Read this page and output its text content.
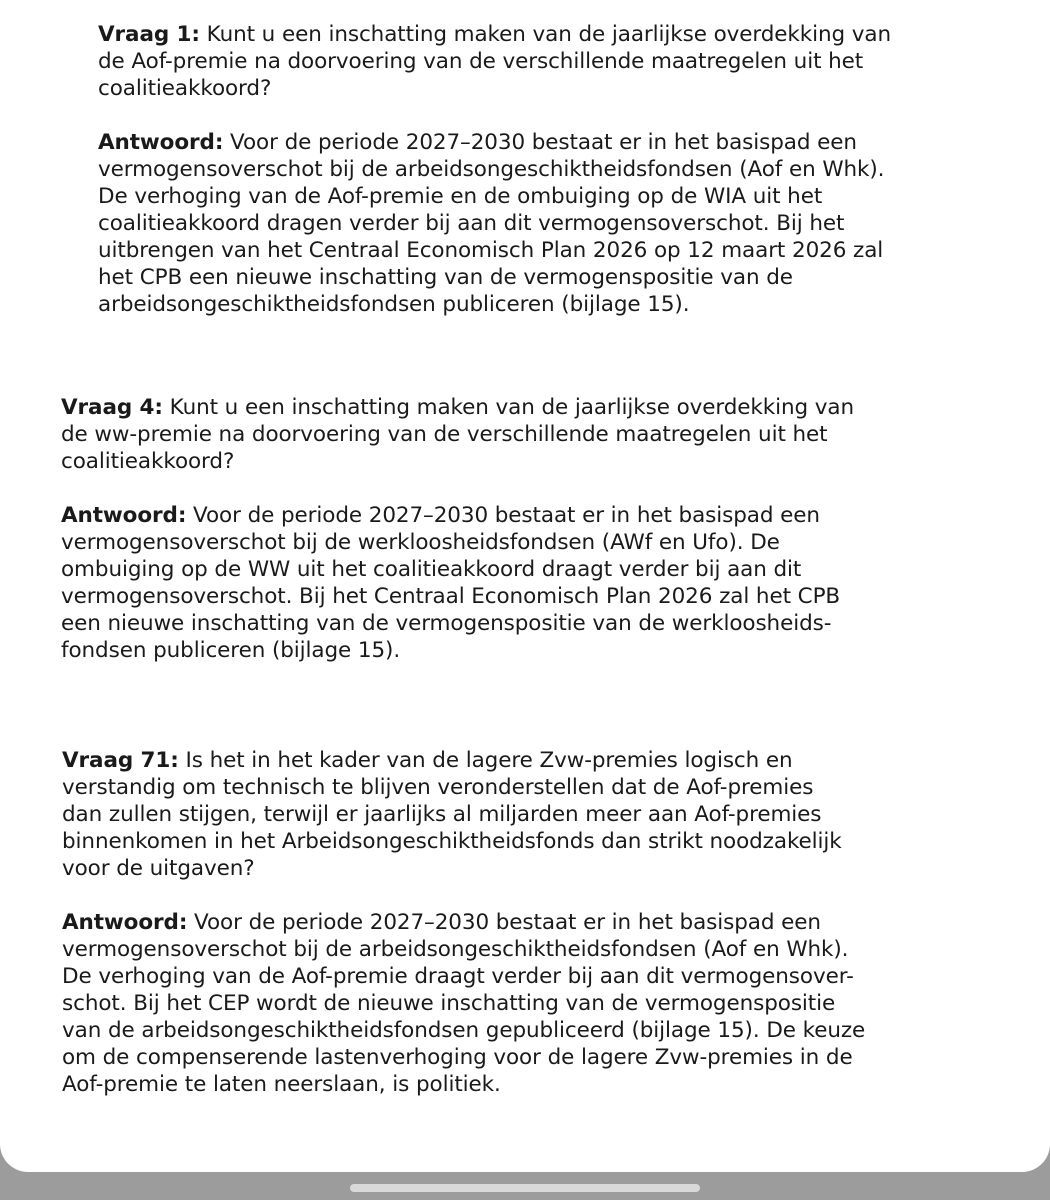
Vraag 1: Kunt u een inschatting maken van de jaarlijkse overdekking van
de Aof-premie na doorvoering van de verschillende maatregelen uit het
coalitieakkoord?

Antwoord: Voor de periode 2027–2030 bestaat er in het basispad een
vermogensoverschot bij de arbeidsongeschiktheidsfondsen (Aof en Whk).
De verhoging van de Aof-premie en de ombuiging op de WIA uit het
coalitieakkoord dragen verder bij aan dit vermogensoverschot. Bij het
uitbrengen van het Centraal Economisch Plan 2026 op 12 maart 2026 zal
het CPB een nieuwe inschatting van de vermogenspositie van de
arbeidsongeschiktheidsfondsen publiceren (bijlage 15).

Vraag 4: Kunt u een inschatting maken van de jaarlijkse overdekking van
de ww-premie na doorvoering van de verschillende maatregelen uit het
coalitieakkoord?

Antwoord: Voor de periode 2027–2030 bestaat er in het basispad een
vermogensoverschot bij de werkloosheidsfondsen (AWf en Ufo). De
ombuiging op de WW uit het coalitieakkoord draagt verder bij aan dit
vermogensoverschot. Bij het Centraal Economisch Plan 2026 zal het CPB
een nieuwe inschatting van de vermogenspositie van de werkloosheids-
fondsen publiceren (bijlage 15).

Vraag 71: Is het in het kader van de lagere Zvw-premies logisch en
verstandig om technisch te blijven veronderstellen dat de Aof-premies
dan zullen stijgen, terwijl er jaarlijks al miljarden meer aan Aof-premies
binnenkomen in het Arbeidsongeschiktheidsfonds dan strikt noodzakelijk
voor de uitgaven?

Antwoord: Voor de periode 2027–2030 bestaat er in het basispad een
vermogensoverschot bij de arbeidsongeschiktheidsfondsen (Aof en Whk).
De verhoging van de Aof-premie draagt verder bij aan dit vermogensover-
schot. Bij het CEP wordt de nieuwe inschatting van de vermogenspositie
van de arbeidsongeschiktheidsfondsen gepubliceerd (bijlage 15). De keuze
om de compenserende lastenverhoging voor de lagere Zvw-premies in de
Aof-premie te laten neerslaan, is politiek.
